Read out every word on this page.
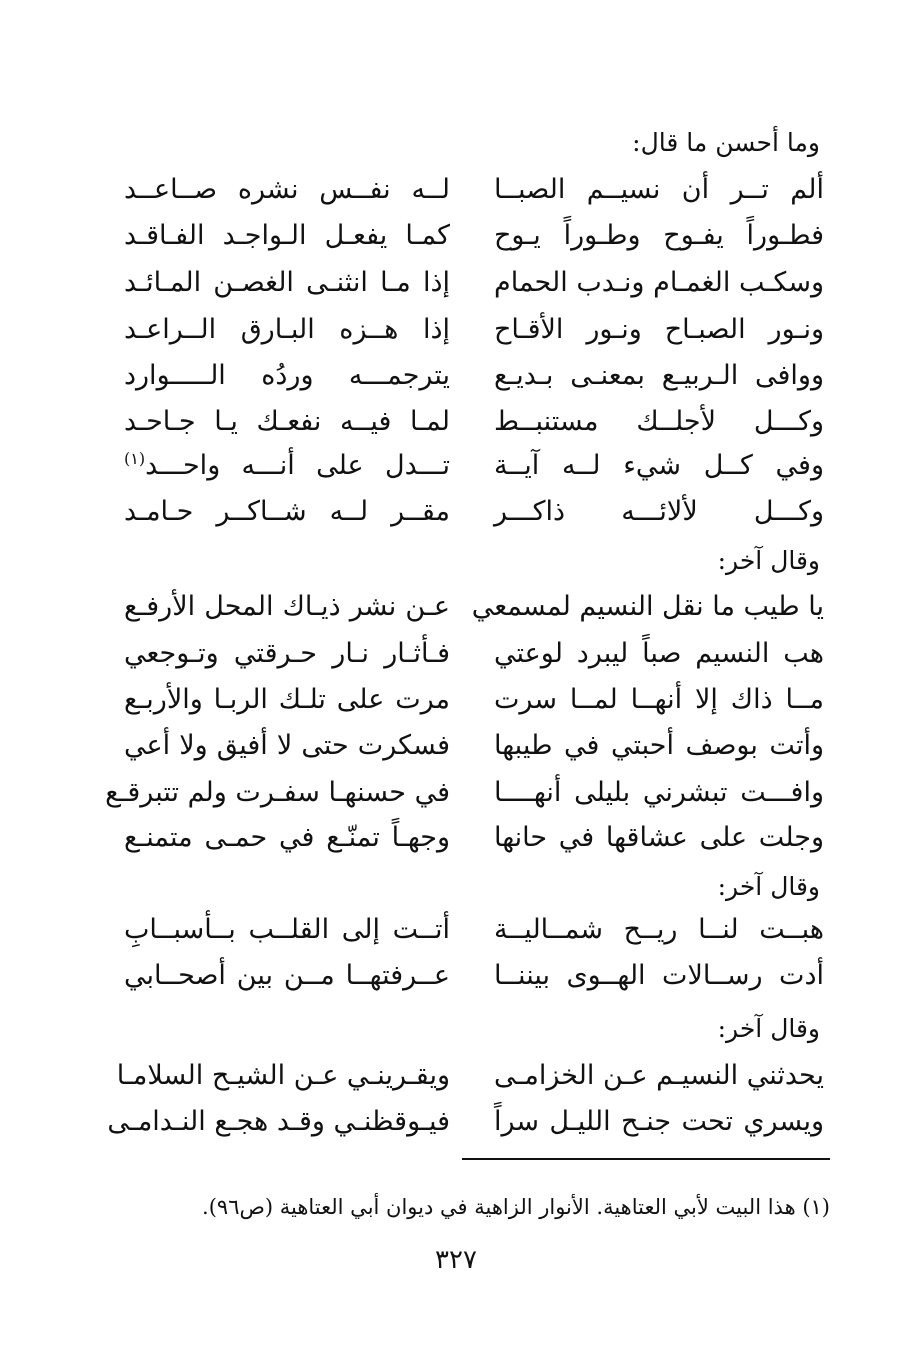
وما أحسن ما قال:
ألم تــر أن نسيــم الصبــا
لــه نفــس نشره صــاعــد
فطـوراً يفـوح وطـوراً يـوح
كمـا يفعـل الـواجـد الفـاقـد
وسكـب الغمـام ونـدب الحمام
إذا مـا انثنـى الغصـن المـائـد
ونـور الصبـاح ونـور الأقـاح
إذا هــزه البـارق الــراعـد
ووافى الـربيـع بمعنـى بـديـع
يترجمـــه وردُه الـــــوارد
وكـــل لأجلــك مستنبــط
لمـا فيــه نفعـك يـا جـاحـد
وفي كــل شيء لــه آيــة
تـــدل على أنـــه واحـــد$^{(١)}$
وكـــل لألائـــه ذاكـــر
مقــر لــه شــاكــر حـامـد
وقال آخر:
يا طيب ما نقل النسيم لمسمعي
عـن نشر ذيـاك المحل الأرفـع
هب النسيم صباً ليبرد لوعتي
فـأثـار نـار حـرقتي وتـوجعي
مــا ذاك إلا أنهــا لمــا سرت
مرت على تلـك الربـا والأربـع
وأتت بوصف أحبتي في طيبها
فسكرت حتى لا أفيق ولا أعي
وافـــت تبشرني بليلى أنهــــا
في حسنهـا سفـرت ولم تتبرقـع
وجلت على عشاقها في حانها
وجهـاً تمنّـع في حمـى متمنـع
وقال آخر:
هبــت لنــا ريــح شمــاليــة
أتــت إلى القلــب بــأسبــابِ
أدت رســالات الهــوى بيننــا
عــرفتهــا مــن بين أصحــابي
وقال آخر:
يحدثني النسيـم عـن الخزامـى
ويقـرينـي عـن الشيـح السلامـا
ويسري تحت جنـح الليـل سراً
فيـوقظنـي وقـد هجـع النـدامـى
(١) هذا البيت لأبي العتاهية. الأنوار الزاهية في ديوان أبي العتاهية (ص٩٦).
٣٢٧
